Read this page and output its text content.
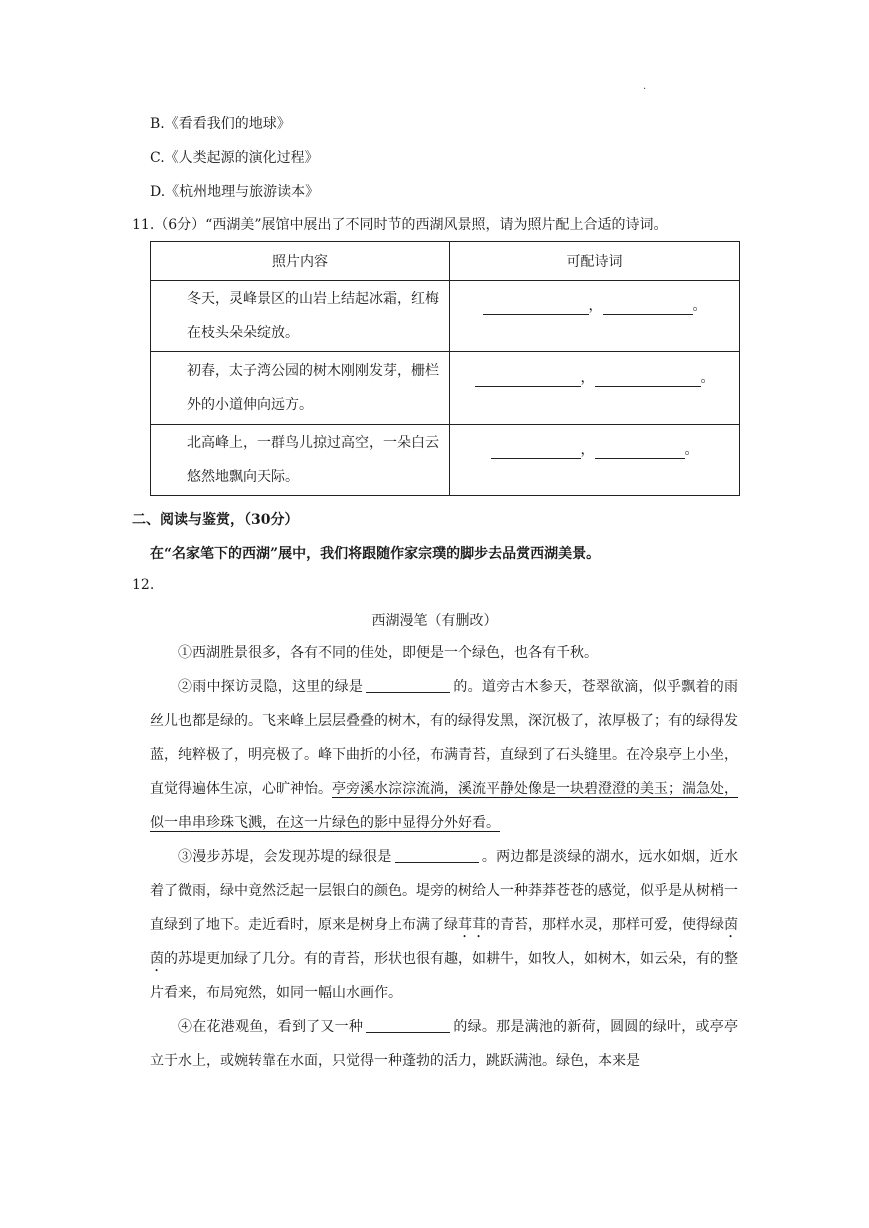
·
B.《看看我们的地球》
C.《人类起源的演化过程》
D.《杭州地理与旅游读本》
11.（6分）“西湖美”展馆中展出了不同时节的西湖风景照，请为照片配上合适的诗词。
照片内容	可配诗词

冬天，灵峰景区的山岩上结起冰霜，红梅在枝头朵朵绽放。	， 。

初春，太子湾公园的树木刚刚发芽，栅栏外的小道伸向远方。	， 。

北高峰上，一群鸟儿掠过高空，一朵白云悠然地飘向天际。	， 。
二、阅读与鉴赏，（30分）
在“名家笔下的西湖”展中，我们将跟随作家宗璞的脚步去品赏西湖美景。
12.
西湖漫笔（有删改）

①西湖胜景很多，各有不同的佳处，即便是一个绿色，也各有千秋。

②雨中探访灵隐，这里的绿是	的。道旁古木参天，苍翠欲滴，似乎飘着的雨丝儿也都是绿的。飞来峰上层层叠叠的树木，有的绿得发黑，深沉极了，浓厚极了；有的绿得发蓝，纯粹极了，明亮极了。峰下曲折的小径，布满青苔，直绿到了石头缝里。在冷泉亭上小坐，直觉得遍体生凉，心旷神怡。亭旁溪水淙淙流淌，溪流平静处像是一块碧澄澄的美玉；湍急处，似一串串珍珠飞溅，在这一片绿色的影中显得分外好看。

③漫步苏堤，会发现苏堤的绿很是	。两边都是淡绿的湖水，远水如烟，近水着了微雨，绿中竟然泛起一层银白的颜色。堤旁的树给人一种莽莽苍苍的感觉，似乎是从树梢一直绿到了地下。走近看时，原来是树身上布满了绿茸茸的青苔，那样水灵，那样可爱，使得绿茵茵的苏堤更加绿了几分。有的青苔，形状也很有趣，如耕牛，如牧人，如树木，如云朵，有的整片看来，布局宛然，如同一幅山水画作。

④在花港观鱼，看到了又一种	的绿。那是满池的新荷，圆圆的绿叶，或亭亭立于水上，或婉转靠在水面，只觉得一种蓬勃的活力，跳跃满池。绿色，本来是
